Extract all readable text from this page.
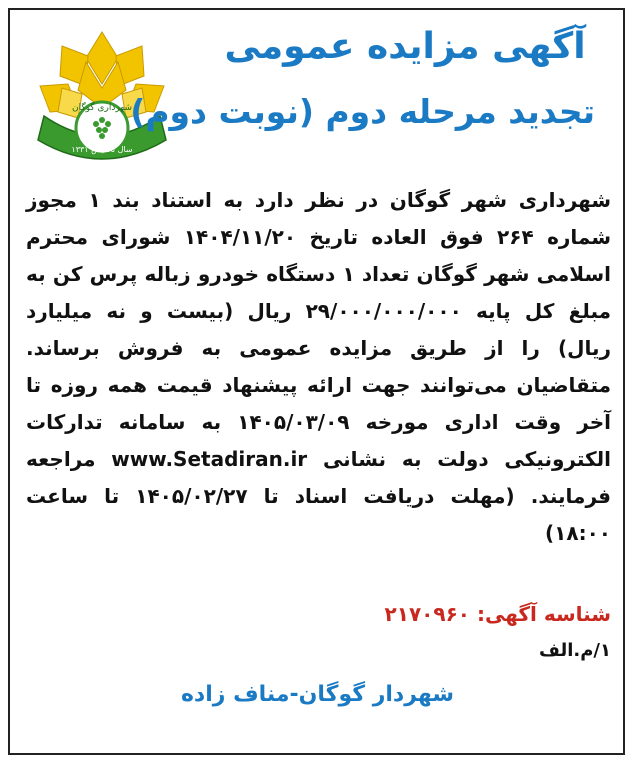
شهرداری گوگان
سال تاسیس ۱۳۳۱
آگهی مزایده عمومی
تجدید مرحله دوم (نوبت دوم)
شهرداری شهر گوگان در نظر دارد به استناد بند ۱ مجوز شماره ۲۶۴ فوق العاده تاریخ ۱۴۰۴/۱۱/۲۰ شورای محترم اسلامی شهر گوگان تعداد ۱ دستگاه خودرو زباله پرس کن به مبلغ کل پایه ۲۹/۰۰۰/۰۰۰/۰۰۰ ریال (بیست و نه میلیارد ریال) را از طریق مزایده عمومی به فروش برساند. متقاضیان می‌توانند جهت ارائه پیشنهاد قیمت همه روزه تا آخر وقت اداری مورخه ۱۴۰۵/۰۳/۰۹ به سامانه تدارکات الکترونیکی دولت به نشانی www.Setadiran.ir مراجعه فرمایند. (مهلت دریافت اسناد تا ۱۴۰۵/۰۲/۲۷ تا ساعت ۱۸:۰۰)
شناسه آگهی: ۲۱۷۰۹۶۰
۱/م.الف
شهردار گوگان-مناف زاده
